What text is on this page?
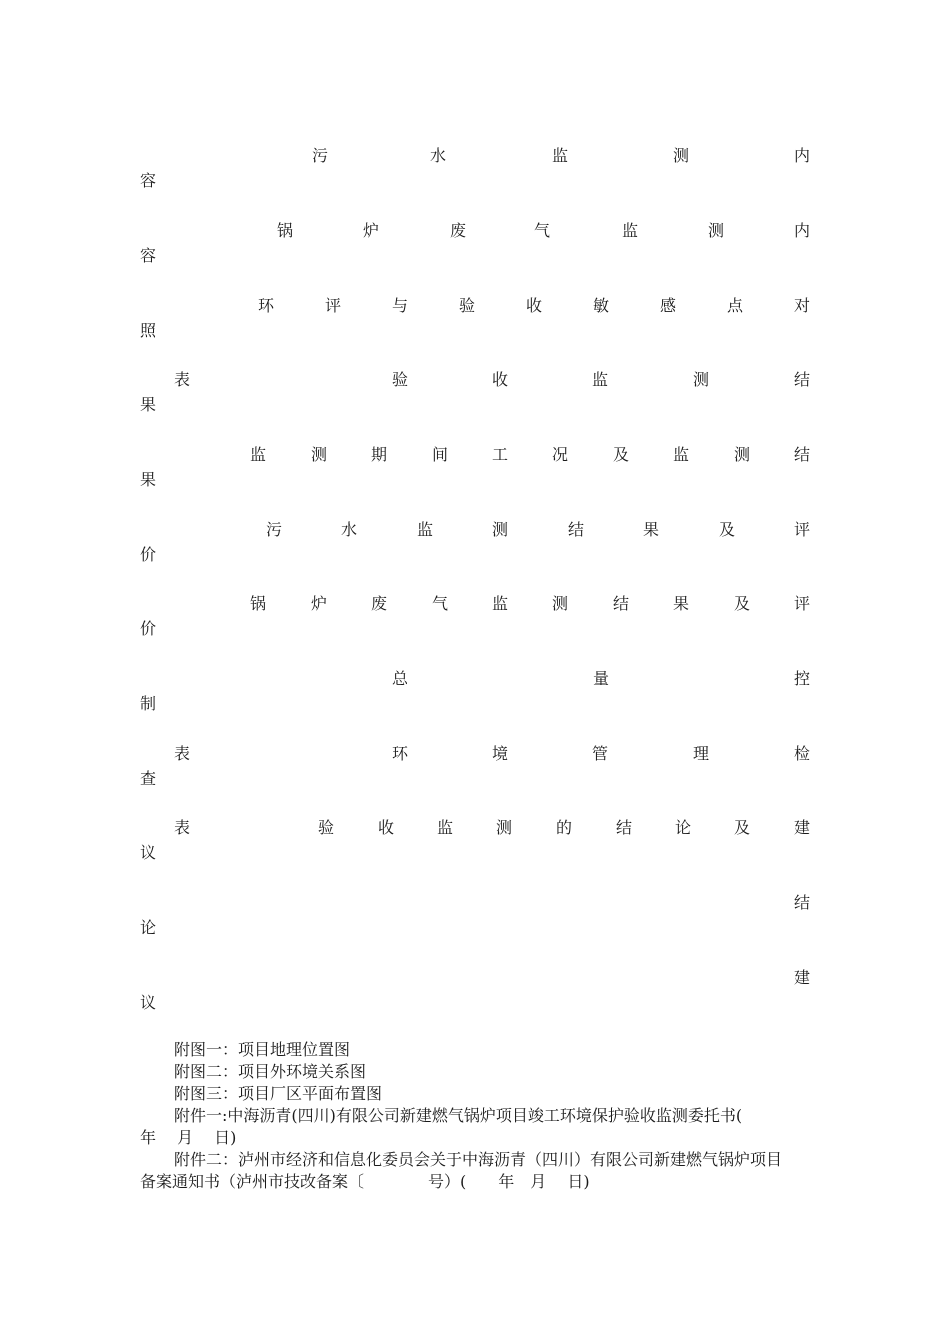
污	水	监	测	内
容
锅	炉	废	气	监	测	内
容
环	评	与	验	收	敏	感	点	对
照
表	验	收	监	测	结
果
监	测	期	间	工	况	及	监	测	结
果
污	水	监	测	结	果	及	评
价
锅	炉	废	气	监	测	结	果	及	评
价
总	量	控
制
表	环	境	管	理	检
查
表	验	收	监	测	的	结	论	及	建
议
结
论
建
议
附图一：项目地理位置图
附图二：项目外环境关系图
附图三：项目厂区平面布置图
附件一:中海沥青(四川)有限公司新建燃气锅炉项目竣工环境保护验收监测委托书(
年　 月　 日)
附件二：泸州市经济和信息化委员会关于中海沥青（四川）有限公司新建燃气锅炉项目
备案通知书（泸州市技改备案〔　　　　号）(　　年　月　 日)
